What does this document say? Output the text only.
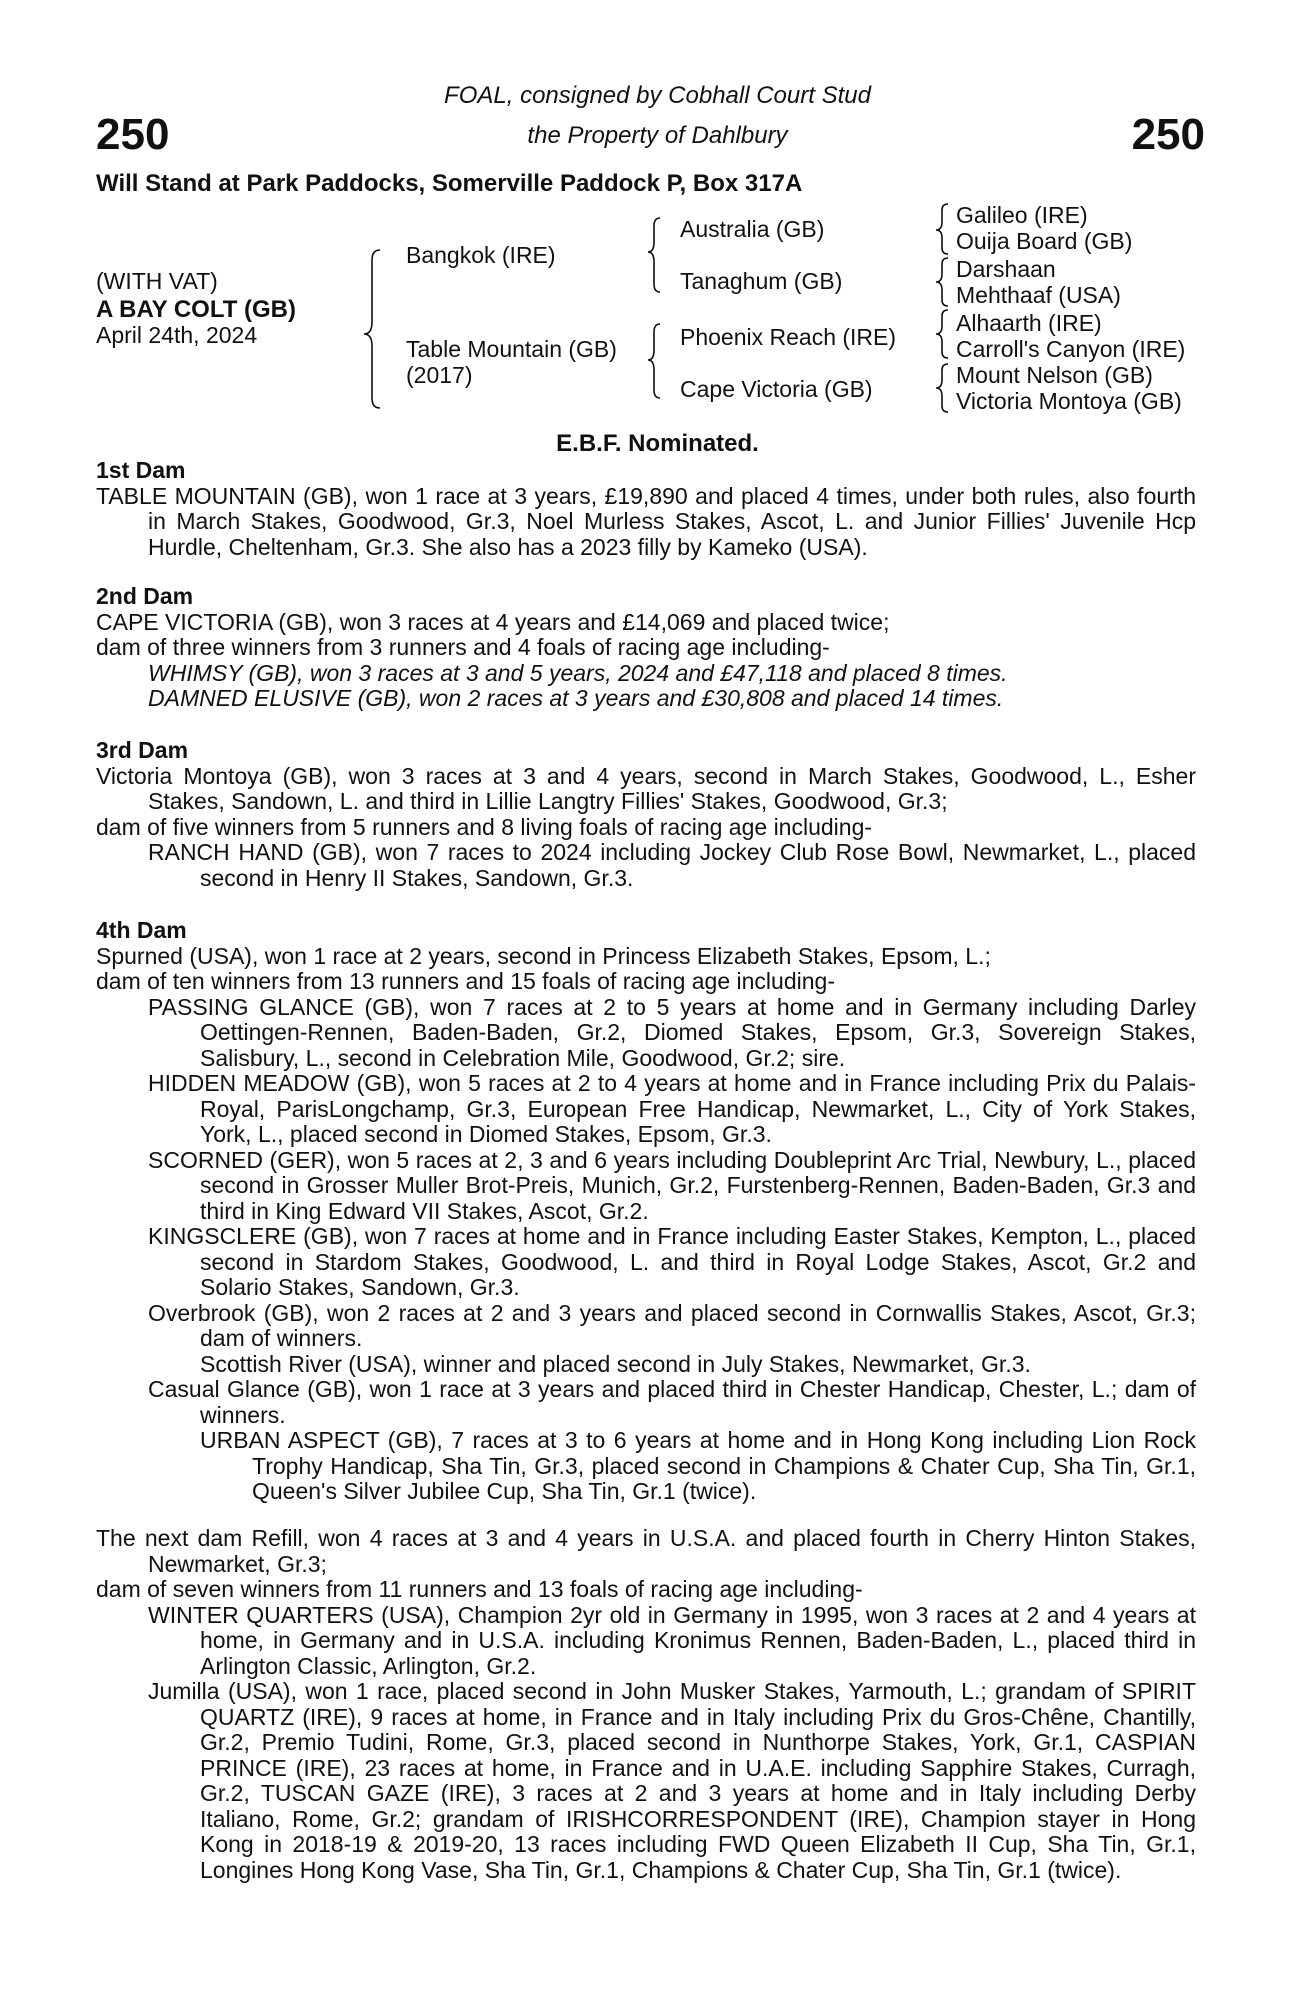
250	250
FOAL, consigned by Cobhall Court Stud
the Property of Dahlbury
Will Stand at Park Paddocks, Somerville Paddock P, Box 317A
(WITH VAT)
A BAY COLT (GB)
April 24th, 2024
Bangkok (IRE)
Table Mountain (GB)
(2017)
Australia (GB)
Tanaghum (GB)
Phoenix Reach (IRE)
Cape Victoria (GB)
Galileo (IRE)
Ouija Board (GB)
Darshaan
Mehthaaf (USA)
Alhaarth (IRE)
Carroll's Canyon (IRE)
Mount Nelson (GB)
Victoria Montoya (GB)
E.B.F. Nominated.
1st Dam

TABLE MOUNTAIN (GB), won 1 race at 3 years, £19,890 and placed 4 times, under both rules, also fourth in March Stakes, Goodwood, Gr.3, Noel Murless Stakes, Ascot, L. and Junior Fillies' Juvenile Hcp Hurdle, Cheltenham, Gr.3. She also has a 2023 filly by Kameko (USA).

2nd Dam

CAPE VICTORIA (GB), won 3 races at 4 years and £14,069 and placed twice;

dam of three winners from 3 runners and 4 foals of racing age including-

WHIMSY (GB), won 3 races at 3 and 5 years, 2024 and £47,118 and placed 8 times.

DAMNED ELUSIVE (GB), won 2 races at 3 years and £30,808 and placed 14 times.

3rd Dam

Victoria Montoya (GB), won 3 races at 3 and 4 years, second in March Stakes, Goodwood, L., Esher Stakes, Sandown, L. and third in Lillie Langtry Fillies' Stakes, Goodwood, Gr.3;

dam of five winners from 5 runners and 8 living foals of racing age including-

RANCH HAND (GB), won 7 races to 2024 including Jockey Club Rose Bowl, Newmarket, L., placed second in Henry II Stakes, Sandown, Gr.3.

4th Dam

Spurned (USA), won 1 race at 2 years, second in Princess Elizabeth Stakes, Epsom, L.;

dam of ten winners from 13 runners and 15 foals of racing age including-

PASSING GLANCE (GB), won 7 races at 2 to 5 years at home and in Germany including Darley Oettingen-Rennen, Baden-Baden, Gr.2, Diomed Stakes, Epsom, Gr.3, Sovereign Stakes, Salisbury, L., second in Celebration Mile, Goodwood, Gr.2; sire.

HIDDEN MEADOW (GB), won 5 races at 2 to 4 years at home and in France including Prix du Palais-Royal, ParisLongchamp, Gr.3, European Free Handicap, Newmarket, L., City of York Stakes, York, L., placed second in Diomed Stakes, Epsom, Gr.3.

SCORNED (GER), won 5 races at 2, 3 and 6 years including Doubleprint Arc Trial, Newbury, L., placed second in Grosser Muller Brot-Preis, Munich, Gr.2, Furstenberg-Rennen, Baden-Baden, Gr.3 and third in King Edward VII Stakes, Ascot, Gr.2.

KINGSCLERE (GB), won 7 races at home and in France including Easter Stakes, Kempton, L., placed second in Stardom Stakes, Goodwood, L. and third in Royal Lodge Stakes, Ascot, Gr.2 and Solario Stakes, Sandown, Gr.3.

Overbrook (GB), won 2 races at 2 and 3 years and placed second in Cornwallis Stakes, Ascot, Gr.3; dam of winners.

Scottish River (USA), winner and placed second in July Stakes, Newmarket, Gr.3.

Casual Glance (GB), won 1 race at 3 years and placed third in Chester Handicap, Chester, L.; dam of winners.

URBAN ASPECT (GB), 7 races at 3 to 6 years at home and in Hong Kong including Lion Rock Trophy Handicap, Sha Tin, Gr.3, placed second in Champions & Chater Cup, Sha Tin, Gr.1, Queen's Silver Jubilee Cup, Sha Tin, Gr.1 (twice).

The next dam Refill, won 4 races at 3 and 4 years in U.S.A. and placed fourth in Cherry Hinton Stakes, Newmarket, Gr.3;

dam of seven winners from 11 runners and 13 foals of racing age including-

WINTER QUARTERS (USA), Champion 2yr old in Germany in 1995, won 3 races at 2 and 4 years at home, in Germany and in U.S.A. including Kronimus Rennen, Baden-Baden, L., placed third in Arlington Classic, Arlington, Gr.2.

Jumilla (USA), won 1 race, placed second in John Musker Stakes, Yarmouth, L.; grandam of SPIRIT QUARTZ (IRE), 9 races at home, in France and in Italy including Prix du Gros-Chêne, Chantilly, Gr.2, Premio Tudini, Rome, Gr.3, placed second in Nunthorpe Stakes, York, Gr.1, CASPIAN PRINCE (IRE), 23 races at home, in France and in U.A.E. including Sapphire Stakes, Curragh, Gr.2, TUSCAN GAZE (IRE), 3 races at 2 and 3 years at home and in Italy including Derby Italiano, Rome, Gr.2; grandam of IRISHCORRESPONDENT (IRE), Champion stayer in Hong Kong in 2018-19 & 2019-20, 13 races including FWD Queen Elizabeth II Cup, Sha Tin, Gr.1, Longines Hong Kong Vase, Sha Tin, Gr.1, Champions & Chater Cup, Sha Tin, Gr.1 (twice).
